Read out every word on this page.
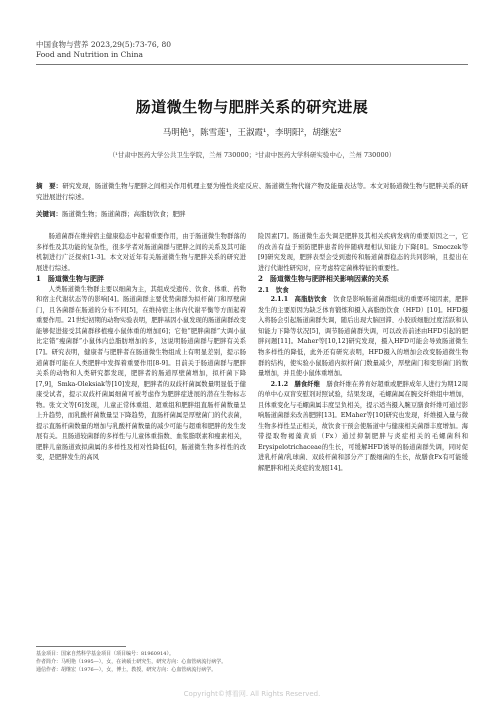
中国食物与营养 2023,29(5):73-76, 80
Food and Nutrition in China
肠道微生物与肥胖关系的研究进展
马明艳¹，陈雪莲¹，王淑霞¹，李明阳²，胡继宏²
（¹甘肃中医药大学公共卫生学院，兰州 730000；²甘肃中医药大学科研实验中心，兰州 730000）
摘　要：研究发现，肠道微生物与肥胖之间相关作用机理主要为慢性炎症反应、肠道微生物代谢产物及能量表达等。本文对肠道微生物与肥胖关系的研究进展进行综述。
关键词：肠道微生物；肠道菌群；高脂肪饮食；肥胖

肠道菌群在维持宿主健康稳态中起着重要作用，由于肠道微生物群落的多样性及其功能的复杂性，很多学者对肠道菌群与肥胖之间的关系及其可能机制进行广泛探索[1-3]。本文对近年有关肠道微生物与肥胖关系的研究进展进行综述。

1　肠道微生物与肥胖

人类肠道微生物群主要以细菌为主，其组成受遗传、饮食、体重、药物和宿主代谢状态等的影响[4]。肠道菌群主要优势菌群为拟杆菌门和厚壁菌门，且各菌群在肠道的分布不同[5]，在维持宿主体内代谢平衡等方面起着重要作用。21世纪初期的动物实验表明，肥胖基因小鼠发现的肠道菌群改变能够促进接受其菌群移植瘦小鼠体重的增加[6]；它他“肥胖菌群”大调小鼠比定错“瘦菌群”小鼠体内总脂肪增加的多，这说明肠道菌群与肥胖有关系[7]。研究表明，健康者与肥胖者在肠道微生物组成上有明显差别，提示肠道菌群可能在人类肥胖中发挥着重要作用[8-9]。目前关于肠道菌群与肥胖关系的动物和人类研究都发现，肥胖者的肠道厚壁菌增加，拟杆菌下降[7,9]，Smka-Oleksiak等[10]发现，肥胖者的双歧杆菌属数量明显低于健康受试者，提示双歧杆菌属细菌可被考虑作为肥胖症进展的潜在生物标志物。张文文等[6]发现，儿童正常体重组、超重组和肥胖组直肠杆菌数量呈上升趋势，而乳酸杆菌数量呈下降趋势，直肠杆菌属是厚壁菌门的代表菌，提示直肠杆菌数量的增加与乳酸杆菌数量的减少可能与超重和肥胖的发生发展有关。且肠道较菌群的多样性与儿童体重指数、血浆脂联素和瘦素相关，肥胖儿童肠道致拟菌属的多样性及相对性降低[6]，肠道微生物多样性的改变，是肥胖发生的高风

险因素[7]。肠道微生态失调是肥胖及其相关疾病发病的重要原因之一，它的改善有益于预防肥胖患者的伴随病理相认知能力下降[8]。Smoczek等[9]研究发现，肥胖表型会受到遗传和肠道菌群稳态的共同影响，且提出在进行代谢性研究时，应考虑特定菌株特征的重要性。

2　肠道微生物与肥胖相关影响因素的关系

2.1　饮食

2.1.1　高脂肪饮食　 饮食是影响肠道菌群组成的重要环境因素，肥胖发生的主要原因为缺乏体育锻炼和摄入高脂肪饮食（HFD）[10]。HFD摄入将肠会引起肠道菌群失调，随后出现大脑回滞、小胶质细胞过度活跃和认知能力下降等状况[5]，调节肠道菌群失调，可以改善前述由HFD引起的肥胖问题[11]。Maher等[10,12]研究发现，摄入HFD可能会导致肠道微生物多样性的降低，此外还有研究表明，HFD摄入的增加会改变肠道微生物群的结构，使实验小鼠肠道内拟杆菌门数量减少，厚壁菌门和变形菌门的数量增加，并且使小鼠体重增加。

2.1.2　膳食纤维　 膳食纤维在养育好超重或肥胖成年人进行为期12周的单中心双盲安慰剂对照试验，结果发现，毛螺菌属在腕交纤维组中增加，且体重变化与毛螺菌属丰度呈负相关，提示适当摄入腕豆膳食纤维可通过影响肠道菌群来改善肥胖[13]。EMaher等[10]研究也发现，纤维摄入量与微生物多样性呈正相关，故饮食干预会使肠道中与健康相关菌群丰度增加。海带提取物褐藻黄质（Fx）通过抑制肥胖与炎症相关的毛螺菌科和Erysipelotrichaceae的生长，可缓解HFD诱导的肠道菌群失调，同时促进乳杆菌/乳球菌、双歧杆菌和部分产丁酸细菌的生长，故膳食Fx有可能缓解肥胖和相关炎症的发展[14]。

基金项目：国家自然科学基金项目（项目编号：81960914）。
作者简介：马明艳（1995—），女，在读硕士研究生，研究方向：心血管病流行病学。
通信作者：胡继宏（1976—），女，博士，教授，研究方向：心血管病流行病学。
Copyright©博看网. All Rights Reserved.
